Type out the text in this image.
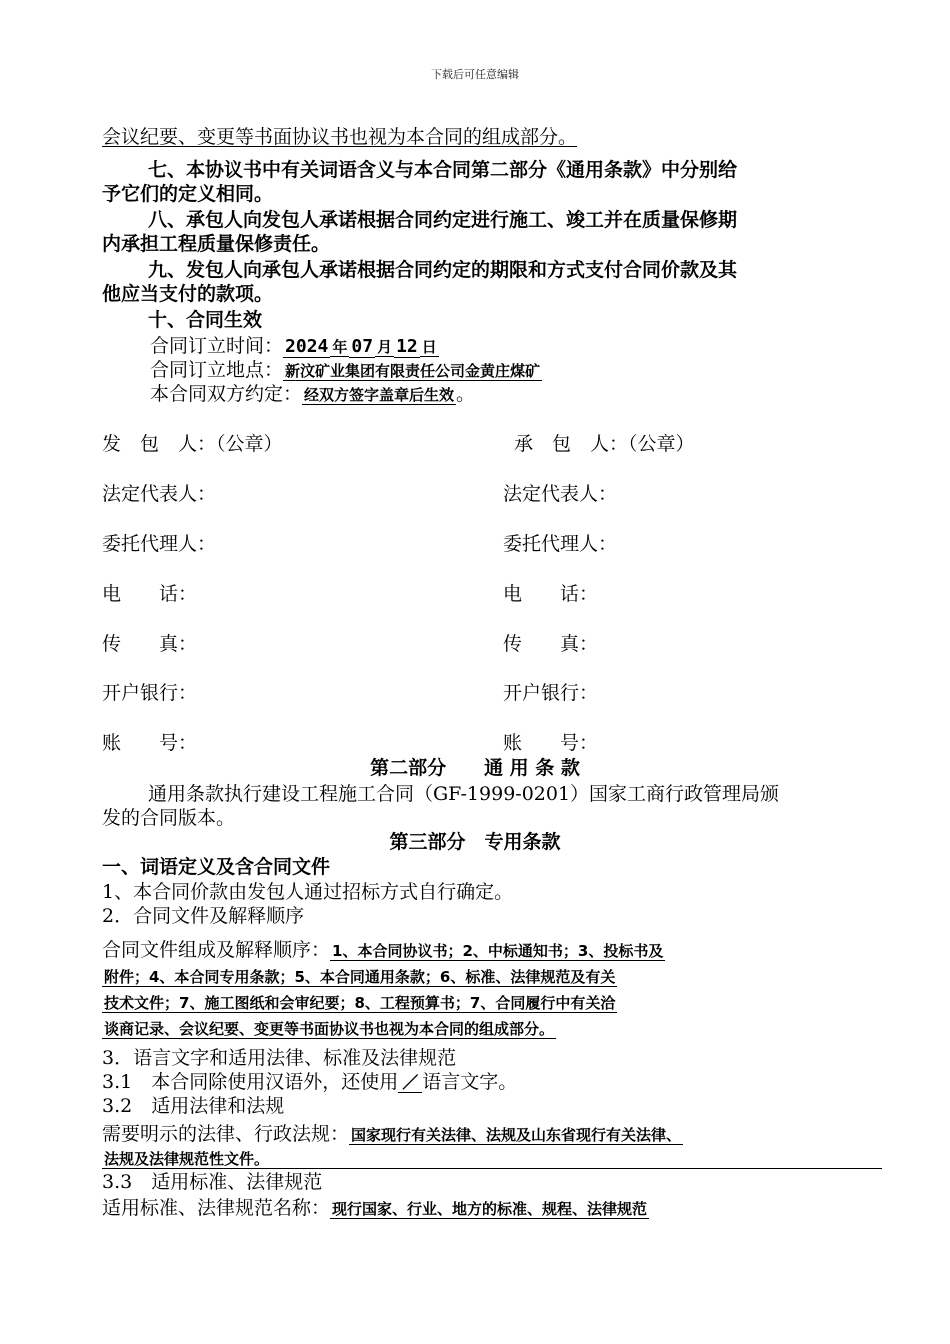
下载后可任意编辑
会议纪要、变更等书面协议书也视为本合同的组成部分。
七、本协议书中有关词语含义与本合同第二部分《通用条款》中分别给
予它们的定义相同。
八、承包人向发包人承诺根据合同约定进行施工、竣工并在质量保修期
内承担工程质量保修责任。
九、发包人向承包人承诺根据合同约定的期限和方式支付合同价款及其
他应当支付的款项。
十、合同生效
合同订立时间： 2024 年 07 月 12 日
合同订立地点： 新汶矿业集团有限责任公司金黄庄煤矿
本合同双方约定： 经双方签字盖章后生效 。
发　包　人：（公章）
法定代表人：
委托代理人：
电　　话：
传　　真：
开户银行：
账　　号：
承　包　人：（公章）
法定代表人：
委托代理人：
电　　话：
传　　真：
开户银行：
账　　号：
第二部分　　通 用 条 款
通用条款执行建设工程施工合同（GF-1999-0201）国家工商行政管理局颁
发的合同版本。
第三部分　专用条款
一、词语定义及含合同文件
1、本合同价款由发包人通过招标方式自行确定。
2．合同文件及解释顺序
合同文件组成及解释顺序： 1、本合同协议书；2、中标通知书；3、投标书及
附件；4、本合同专用条款；5、本合同通用条款；6、标准、法律规范及有关
技术文件；7、施工图纸和会审纪要；8、工程预算书；7、合同履行中有关洽
谈商记录、会议纪要、变更等书面协议书也视为本合同的组成部分。
3．语言文字和适用法律、标准及法律规范
3.1　本合同除使用汉语外，还使用 ／ 语言文字。
3.2　适用法律和法规
需要明示的法律、行政法规： 国家现行有关法律、法规及山东省现行有关法律、
法规及法律规范性文件。
3.3　适用标准、法律规范
适用标准、法律规范名称： 现行国家、行业、地方的标准、规程、法律规范
